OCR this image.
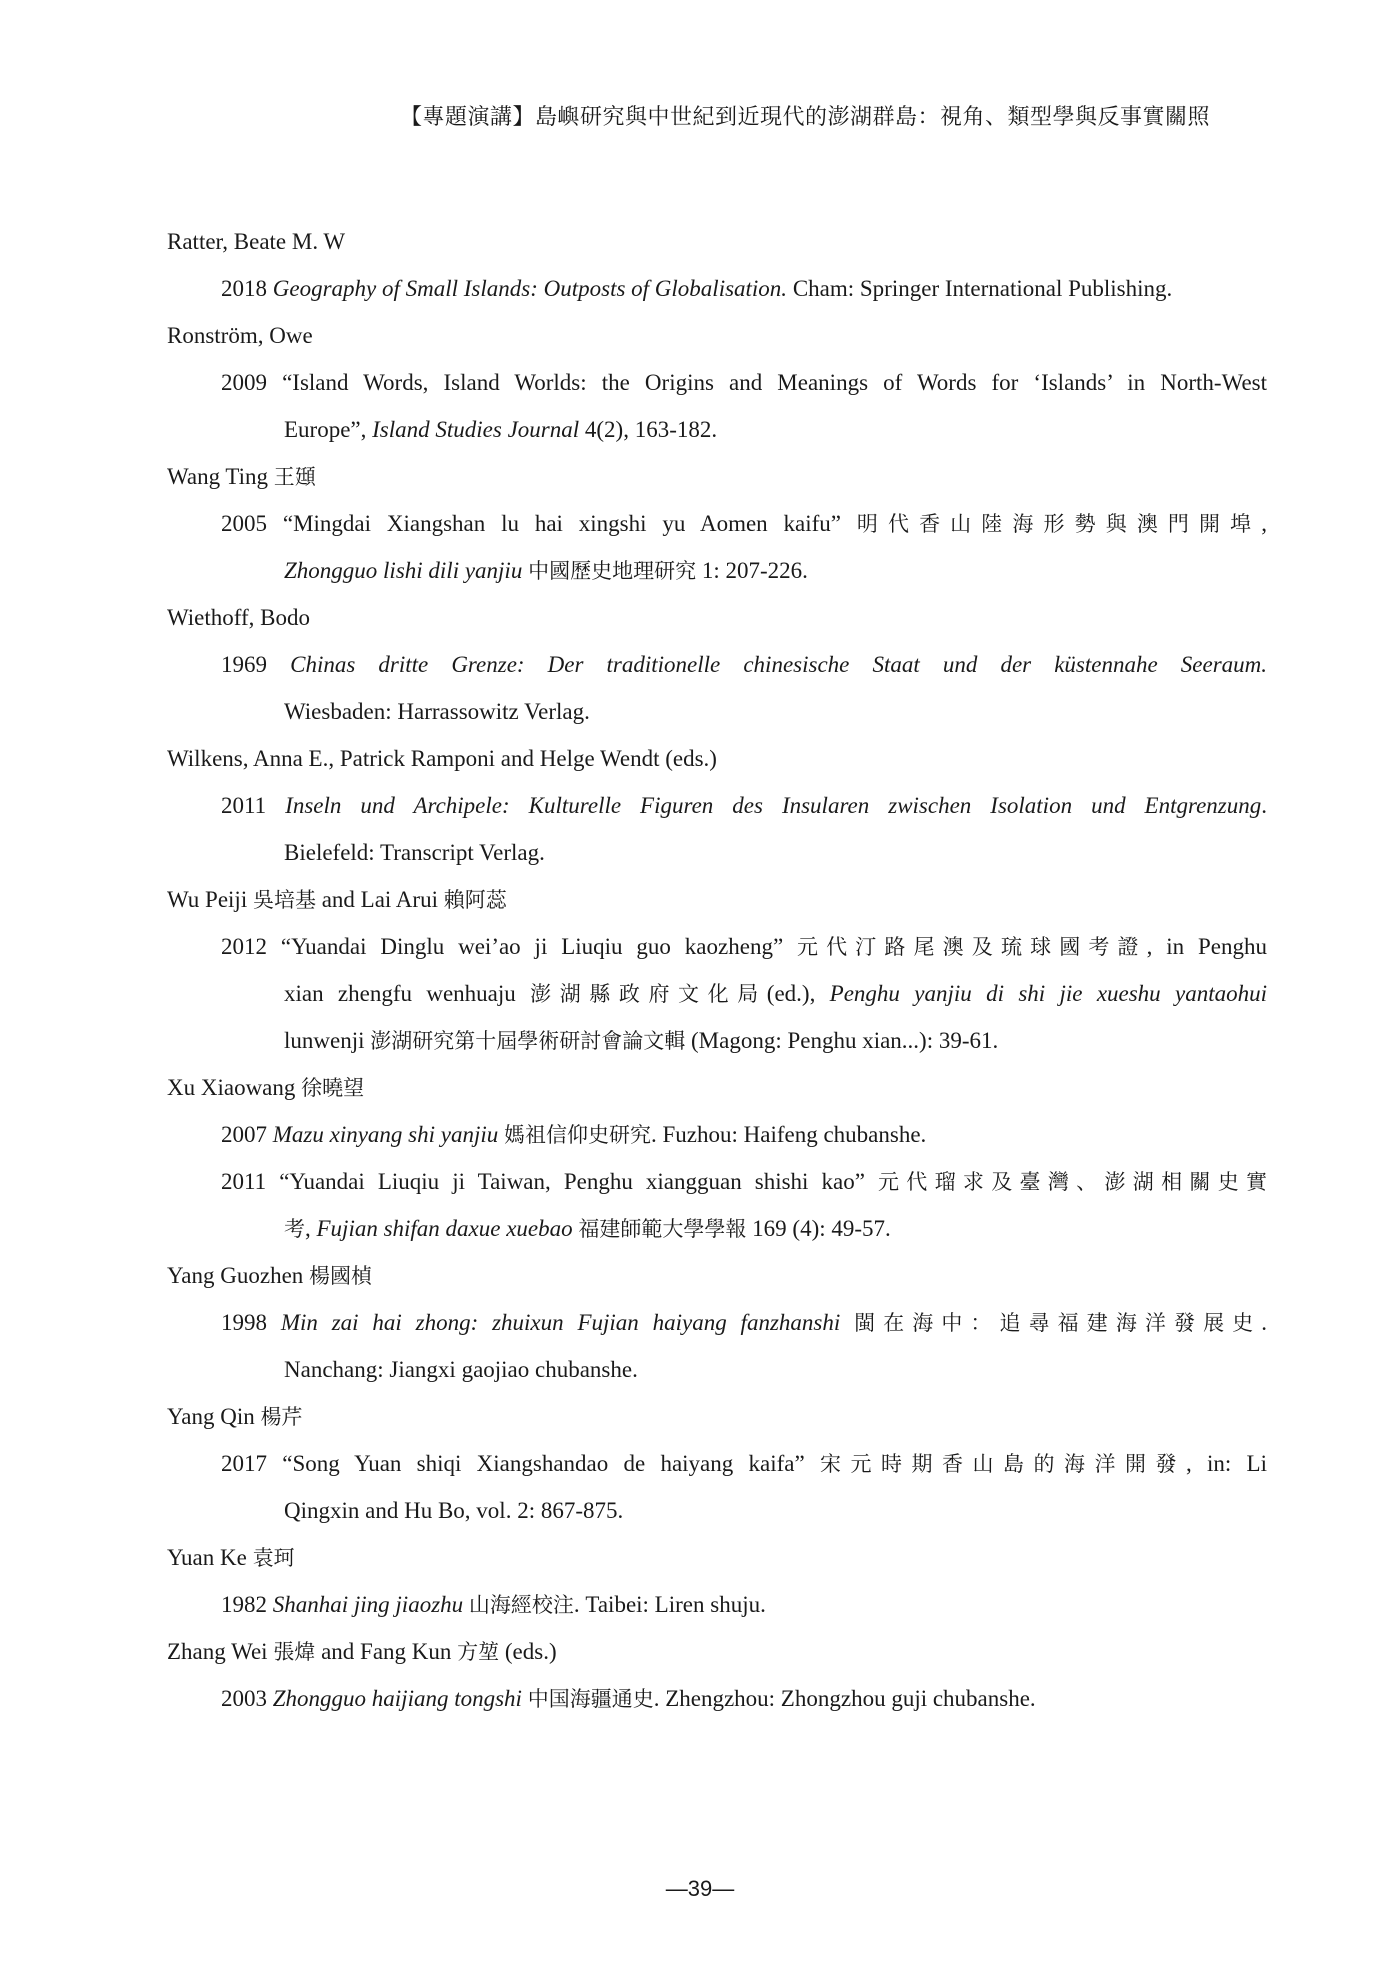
【專題演講】島嶼研究與中世紀到近現代的澎湖群島：視角、類型學與反事實關照
Ratter, Beate M. W
2018 Geography of Small Islands: Outposts of Globalisation. Cham: Springer International Publishing.
Ronström, Owe
2009 “Island Words, Island Worlds: the Origins and Meanings of Words for ‘Islands’ in North-West
Europe”, Island Studies Journal 4(2), 163-182.
Wang Ting 王頲
2005 “Mingdai Xiangshan lu hai xingshi yu Aomen kaifu” 明代香山陸海形勢與澳門開埠,
Zhongguo lishi dili yanjiu 中國歷史地理研究 1: 207-226.
Wiethoff, Bodo
1969 Chinas dritte Grenze: Der traditionelle chinesische Staat und der küstennahe Seeraum.
Wiesbaden: Harrassowitz Verlag.
Wilkens, Anna E., Patrick Ramponi and Helge Wendt (eds.)
2011 Inseln und Archipele: Kulturelle Figuren des Insularen zwischen Isolation und Entgrenzung.
Bielefeld: Transcript Verlag.
Wu Peiji 吳培基 and Lai Arui 賴阿蕊
2012 “Yuandai Dinglu wei’ao ji Liuqiu guo kaozheng” 元代汀路尾澳及琉球國考證, in Penghu
xian zhengfu wenhuaju 澎湖縣政府文化局(ed.), Penghu yanjiu di shi jie xueshu yantaohui
lunwenji 澎湖研究第十屆學術研討會論文輯 (Magong: Penghu xian...): 39-61.
Xu Xiaowang 徐曉望
2007 Mazu xinyang shi yanjiu 媽祖信仰史研究. Fuzhou: Haifeng chubanshe.
2011 “Yuandai Liuqiu ji Taiwan, Penghu xiangguan shishi kao” 元代瑠求及臺灣、澎湖相關史實
考, Fujian shifan daxue xuebao 福建師範大學學報 169 (4): 49-57.
Yang Guozhen 楊國楨
1998 Min zai hai zhong: zhuixun Fujian haiyang fanzhanshi 閩在海中：追尋福建海洋發展史.
Nanchang: Jiangxi gaojiao chubanshe.
Yang Qin 楊芹
2017 “Song Yuan shiqi Xiangshandao de haiyang kaifa” 宋元時期香山島的海洋開發, in: Li
Qingxin and Hu Bo, vol. 2: 867-875.
Yuan Ke 袁珂
1982 Shanhai jing jiaozhu 山海經校注. Taibei: Liren shuju.
Zhang Wei 張煒 and Fang Kun 方堃 (eds.)
2003 Zhongguo haijiang tongshi 中国海疆通史. Zhengzhou: Zhongzhou guji chubanshe.
—39—
